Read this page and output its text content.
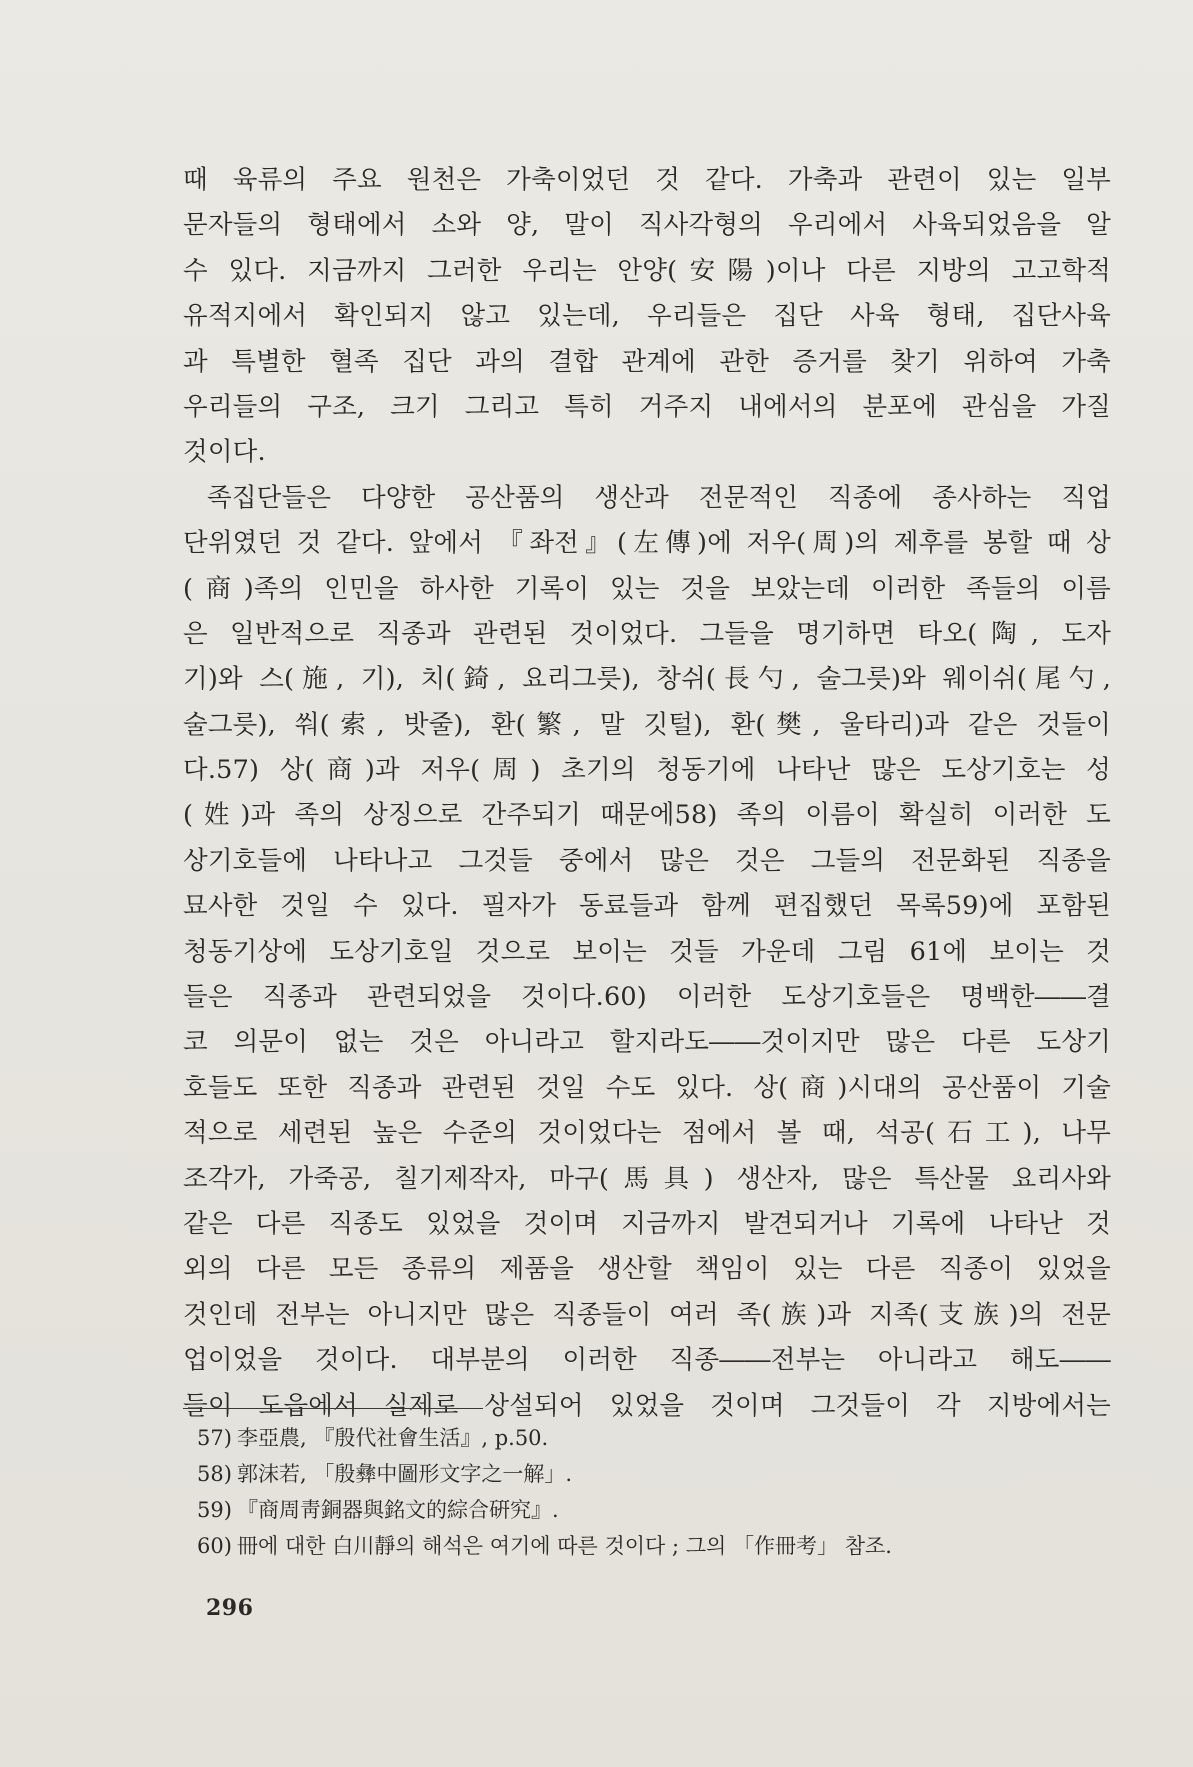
때 육류의 주요 원천은 가축이었던 것 같다. 가축과 관련이 있는 일부
문자들의 형태에서 소와 양, 말이 직사각형의 우리에서 사육되었음을 알
수 있다. 지금까지 그러한 우리는 안양(安陽)이나 다른 지방의 고고학적
유적지에서 확인되지 않고 있는데, 우리들은 집단 사육 형태, 집단사육
과 특별한 혈족 집단 과의 결합 관계에 관한 증거를 찾기 위하여 가축
우리들의 구조, 크기 그리고 특히 거주지 내에서의 분포에 관심을 가질
것이다.
족집단들은 다양한 공산품의 생산과 전문적인 직종에 종사하는 직업
단위였던 것 같다. 앞에서 『좌전』(左傳)에 저우(周)의 제후를 봉할 때 상
(商)족의 인민을 하사한 기록이 있는 것을 보았는데 이러한 족들의 이름
은 일반적으로 직종과 관련된 것이었다. 그들을 명기하면 타오(陶, 도자
기)와 스(施, 기), 치(錡, 요리그릇), 창쉬(長勺, 술그릇)와 웨이쉬(尾勺,
술그릇), 쒀(索, 밧줄), 환(繁, 말 깃털), 환(樊, 울타리)과 같은 것들이
다.57) 상(商)과 저우(周) 초기의 청동기에 나타난 많은 도상기호는 성
(姓)과 족의 상징으로 간주되기 때문에58) 족의 이름이 확실히 이러한 도
상기호들에 나타나고 그것들 중에서 많은 것은 그들의 전문화된 직종을
묘사한 것일 수 있다. 필자가 동료들과 함께 편집했던 목록59)에 포함된
청동기상에 도상기호일 것으로 보이는 것들 가운데 그림 61에 보이는 것
들은 직종과 관련되었을 것이다.60) 이러한 도상기호들은 명백한――결
코 의문이 없는 것은 아니라고 할지라도――것이지만 많은 다른 도상기
호들도 또한 직종과 관련된 것일 수도 있다. 상(商)시대의 공산품이 기술
적으로 세련된 높은 수준의 것이었다는 점에서 볼 때, 석공(石工), 나무
조각가, 가죽공, 칠기제작자, 마구(馬具) 생산자, 많은 특산물 요리사와
같은 다른 직종도 있었을 것이며 지금까지 발견되거나 기록에 나타난 것
외의 다른 모든 종류의 제품을 생산할 책임이 있는 다른 직종이 있었을
것인데 전부는 아니지만 많은 직종들이 여러 족(族)과 지족(支族)의 전문
업이었을 것이다. 대부분의 이러한 직종――전부는 아니라고 해도――
들이 도읍에서 실제로 상설되어 있었을 것이며 그것들이 각 지방에서는
57) 李亞農, 『殷代社會生活』, p.50.
58) 郭沫若, 「殷彝中圖形文字之一解」.
59) 『商周靑銅器與銘文的綜合硏究』.
60) 冊에 대한 白川靜의 해석은 여기에 따른 것이다 ; 그의 「作冊考」 참조.
296
